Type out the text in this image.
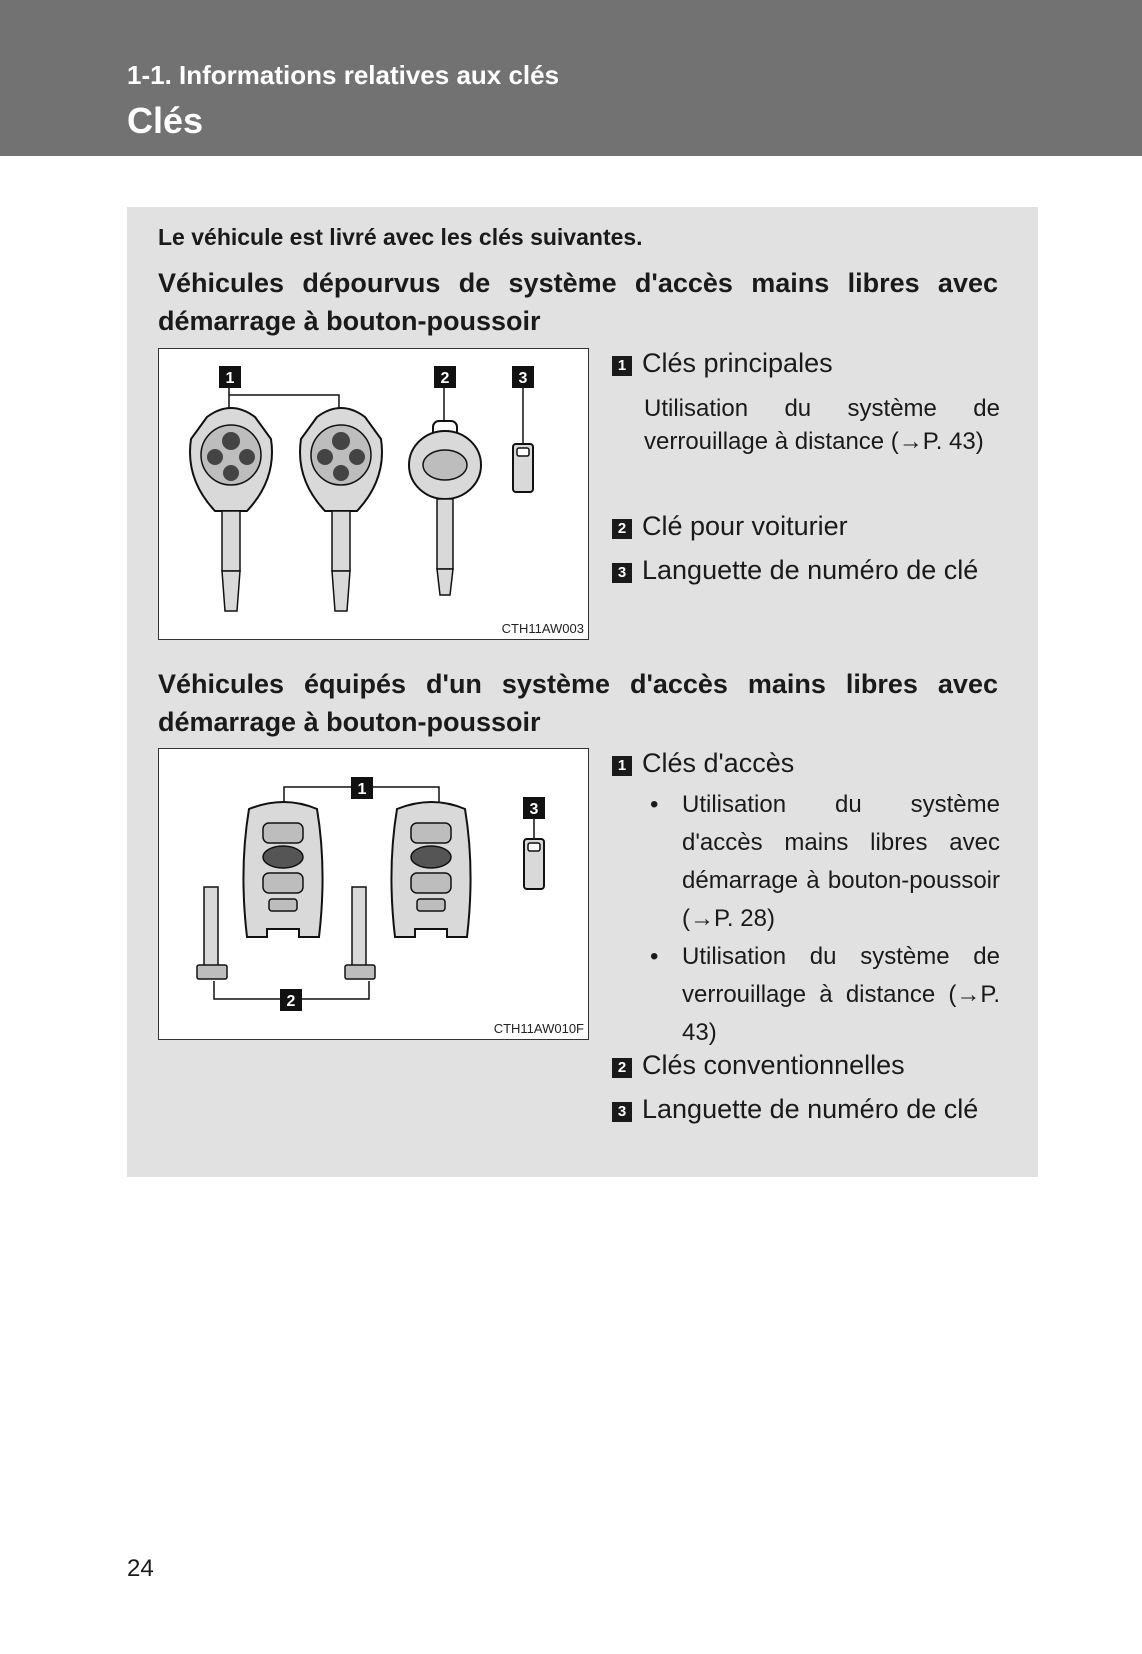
1-1. Informations relatives aux clés
Clés
Le véhicule est livré avec les clés suivantes.
Véhicules dépourvus de système d'accès mains libres avec démarrage à bouton-poussoir
1	2	3
CTH11AW003
1 Clés principales
Utilisation du système de verrouillage à distance (→P. 43)
2 Clé pour voiturier
3 Languette de numéro de clé
Véhicules équipés d'un système d'accès mains libres avec démarrage à bouton-poussoir
1
2
3
CTH11AW010F
1 Clés d'accès
• Utilisation du système d'accès mains libres avec démarrage à bouton-poussoir (→P. 28)
• Utilisation du système de verrouillage à distance (→P. 43)
2 Clés conventionnelles
3 Languette de numéro de clé
24
